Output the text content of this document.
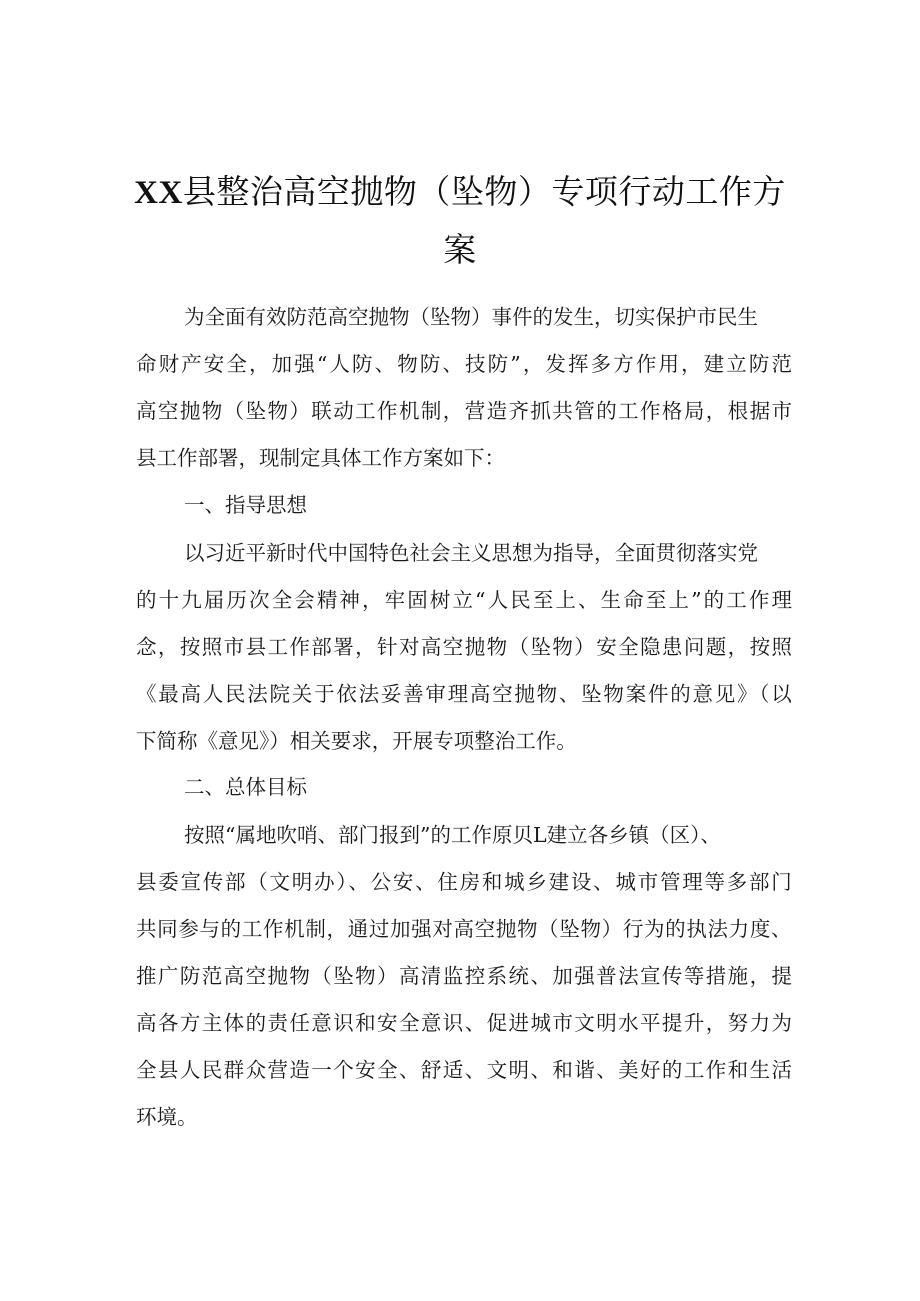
XX县整治高空抛物（坠物）专项行动工作方
案

为全面有效防范高空抛物（坠物）事件的发生，切实保护市民生

命财产安全，加强“人防、物防、技防”，发挥多方作用，建立防范

高空抛物（坠物）联动工作机制，营造齐抓共管的工作格局，根据市

县工作部署，现制定具体工作方案如下：

一、指导思想

以习近平新时代中国特色社会主义思想为指导，全面贯彻落实党

的十九届历次全会精神，牢固树立“人民至上、生命至上”的工作理

念，按照市县工作部署，针对高空抛物（坠物）安全隐患问题，按照

《最高人民法院关于依法妥善审理高空抛物、坠物案件的意见》（以

下简称《意见》）相关要求，开展专项整治工作。

二、总体目标

按照“属地吹哨、部门报到”的工作原贝L建立各乡镇（区）、

县委宣传部（文明办）、公安、住房和城乡建设、城市管理等多部门

共同参与的工作机制，通过加强对高空抛物（坠物）行为的执法力度、

推广防范高空抛物（坠物）高清监控系统、加强普法宣传等措施，提

高各方主体的责任意识和安全意识、促进城市文明水平提升，努力为

全县人民群众营造一个安全、舒适、文明、和谐、美好的工作和生活

环境。
